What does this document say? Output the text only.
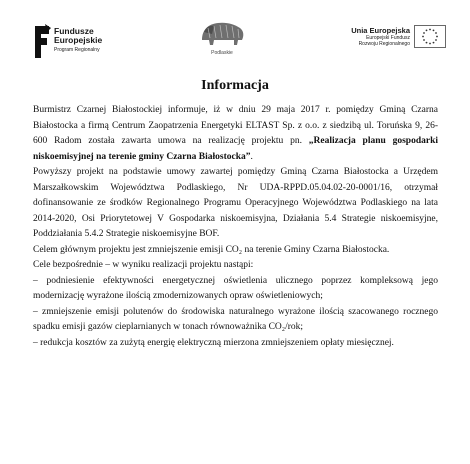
Fundusze
Europejskie
Program Regionalny	Podlaskie
Unia Europejska
Europejski Fundusz
Rozwoju Regionalnego
Informacja

Burmistrz Czarnej Białostockiej informuje, iż w dniu 29 maja 2017 r. pomiędzy Gminą Czarna Białostocka a firmą Centrum Zaopatrzenia Energetyki ELTAST Sp. z o.o. z siedzibą ul. Toruńska 9, 26-600 Radom została zawarta umowa na realizację projektu pn. „Realizacja planu gospodarki niskoemisyjnej na terenie gminy Czarna Białostocka”.

Powyższy projekt na podstawie umowy zawartej pomiędzy Gminą Czarna Białostocka a Urzędem Marszałkowskim Województwa Podlaskiego, Nr UDA-RPPD.05.04.02-20-0001/16, otrzymał dofinansowanie ze środków Regionalnego Programu Operacyjnego Województwa Podlaskiego na lata 2014-2020, Osi Priorytetowej V Gospodarka niskoemisyjna, Działania 5.4 Strategie niskoemisyjne, Poddziałania 5.4.2 Strategie niskoemisyjne BOF.

Celem głównym projektu jest zmniejszenie emisji CO₂ na terenie Gminy Czarna Białostocka.

Cele bezpośrednie – w wyniku realizacji projektu nastąpi:

– podniesienie efektywności energetycznej oświetlenia ulicznego poprzez kompleksową jego modernizację wyrażone ilością zmodernizowanych opraw oświetleniowych;

– zmniejszenie emisji polutenów do środowiska naturalnego wyrażone ilością szacowanego rocznego spadku emisji gazów cieplarnianych w tonach równoważnika CO₂/rok;

– redukcja kosztów za zużytą energię elektryczną mierzona zmniejszeniem opłaty miesięcznej.
